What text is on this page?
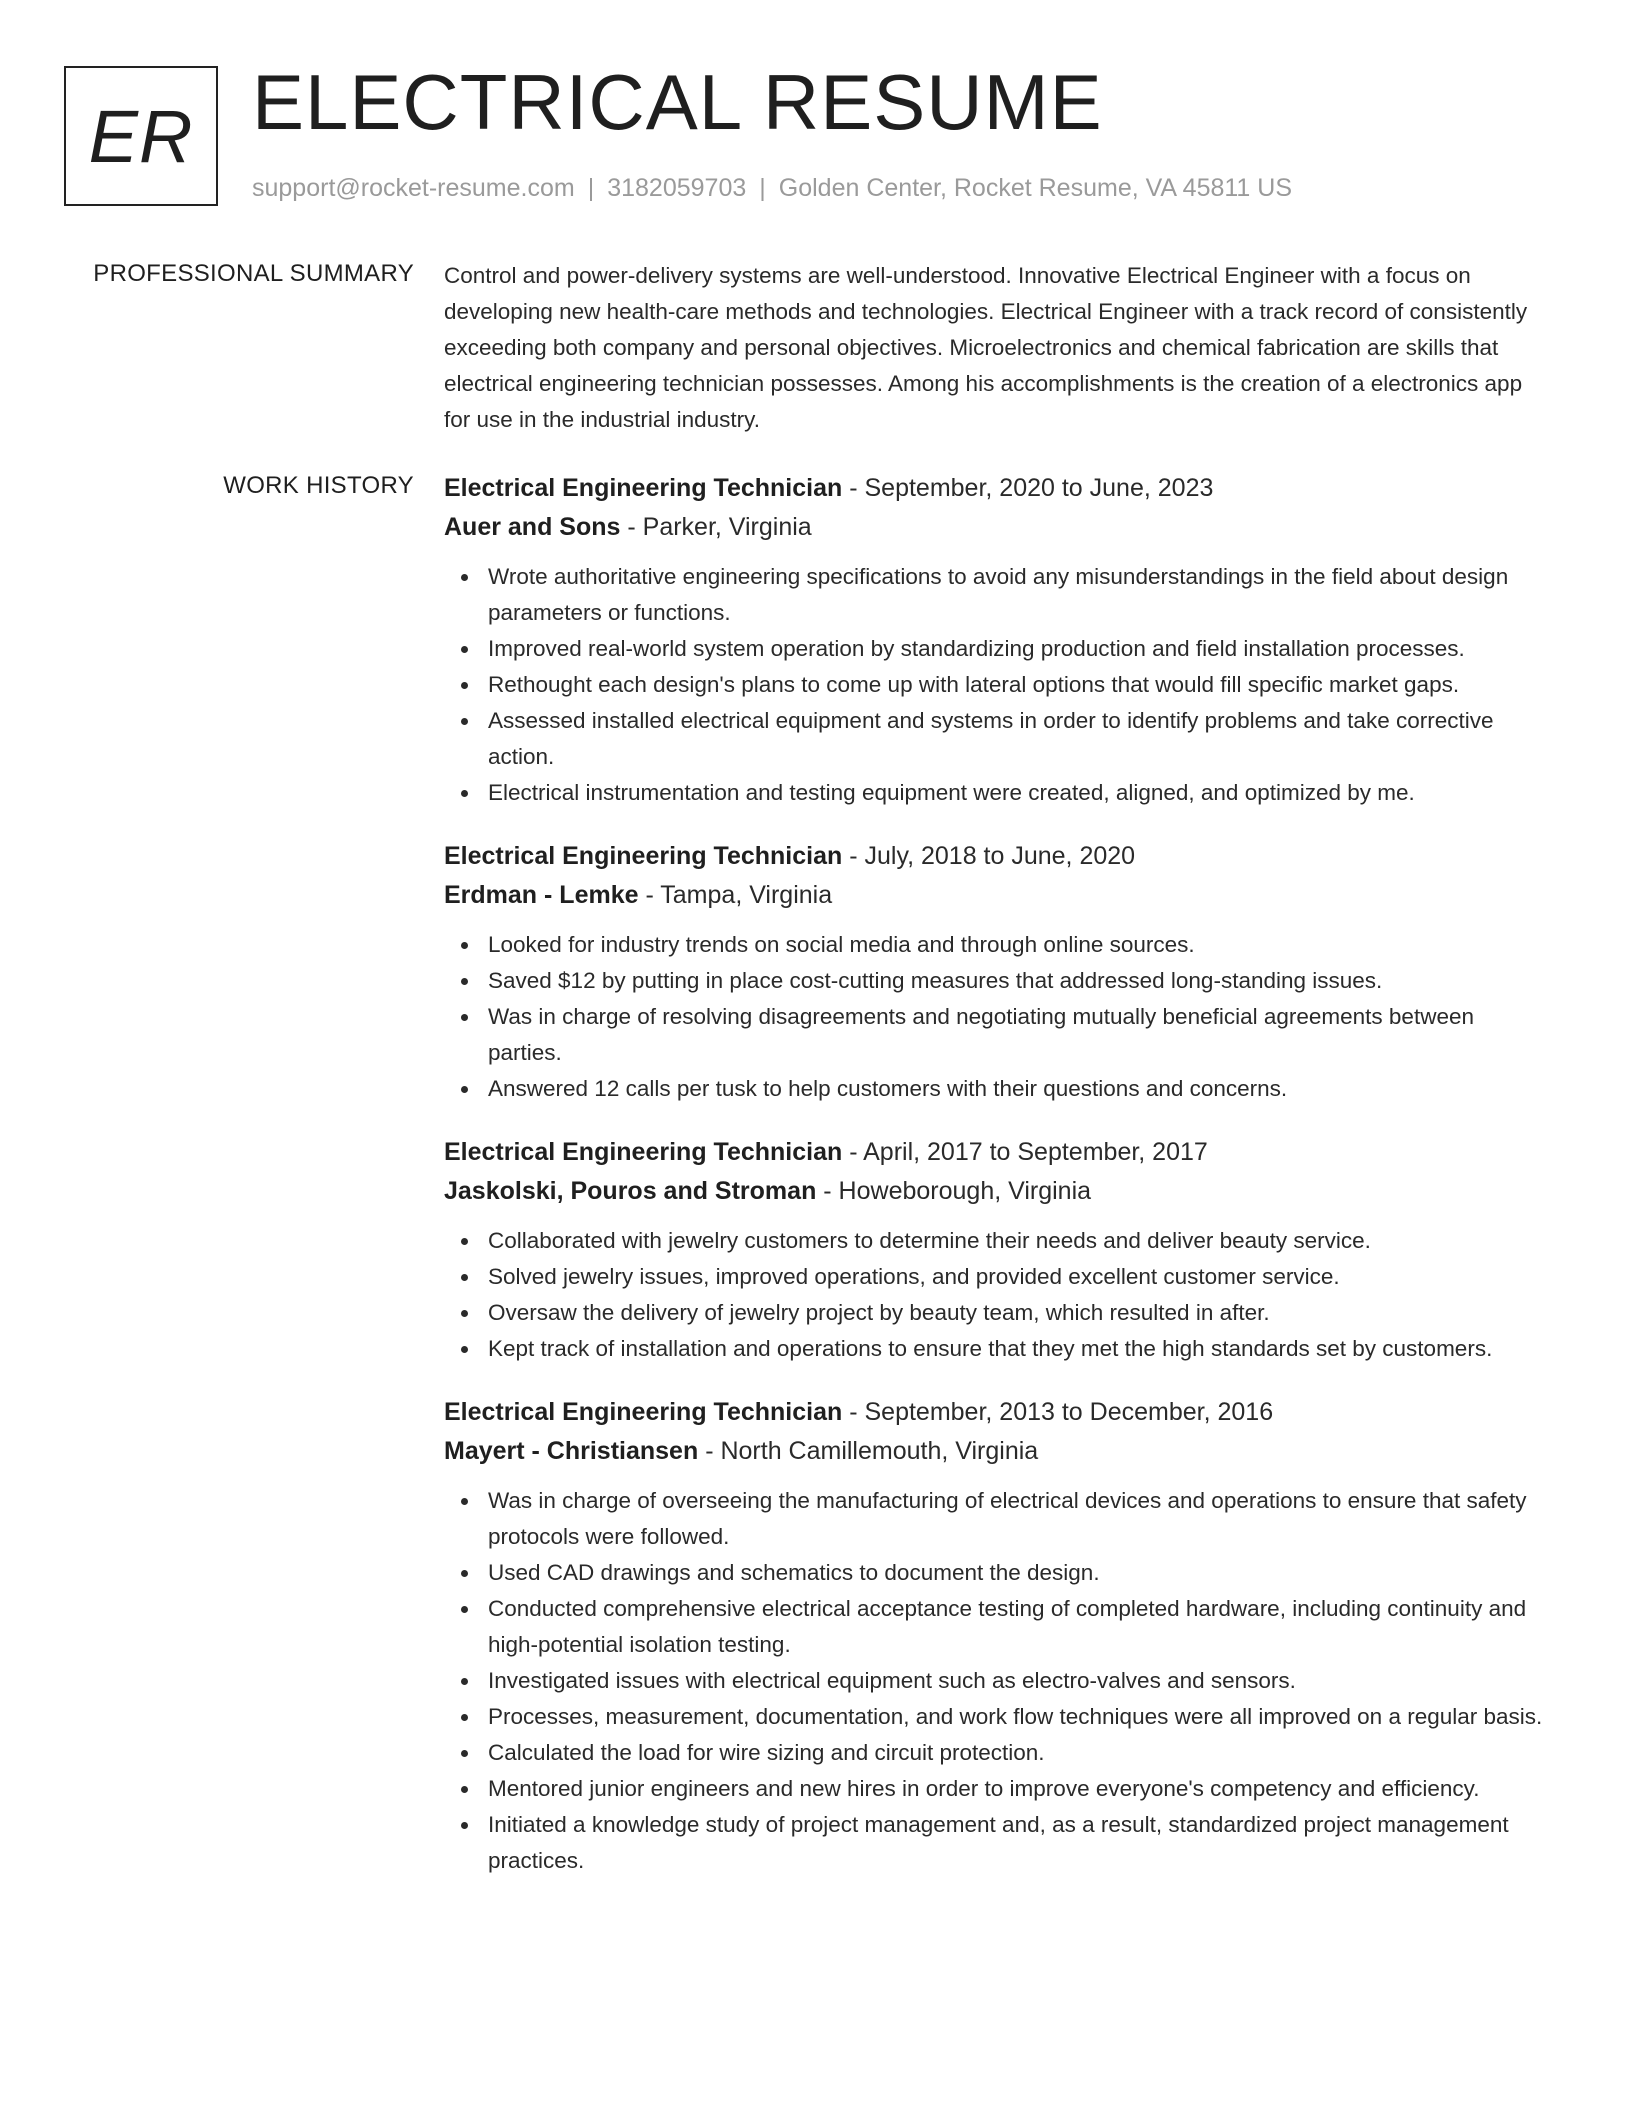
ER ELECTRICAL RESUME
support@rocket-resume.com | 3182059703 | Golden Center, Rocket Resume, VA 45811 US
PROFESSIONAL SUMMARY Control and power-delivery systems are well-understood. Innovative Electrical Engineer with a focus on developing new health-care methods and technologies. Electrical Engineer with a track record of consistently exceeding both company and personal objectives. Microelectronics and chemical fabrication are skills that electrical engineering technician possesses. Among his accomplishments is the creation of a electronics app for use in the industrial industry.

WORK HISTORY Electrical Engineering Technician - September, 2020 to June, 2023
Auer and Sons - Parker, Virginia
Wrote authoritative engineering specifications to avoid any misunderstandings in the field about design parameters or functions.
Improved real-world system operation by standardizing production and field installation processes.
Rethought each design's plans to come up with lateral options that would fill specific market gaps.
Assessed installed electrical equipment and systems in order to identify problems and take corrective action.
Electrical instrumentation and testing equipment were created, aligned, and optimized by me.
Electrical Engineering Technician - July, 2018 to June, 2020
Erdman - Lemke - Tampa, Virginia
Looked for industry trends on social media and through online sources.
Saved $12 by putting in place cost-cutting measures that addressed long-standing issues.
Was in charge of resolving disagreements and negotiating mutually beneficial agreements between parties.
Answered 12 calls per tusk to help customers with their questions and concerns.
Electrical Engineering Technician - April, 2017 to September, 2017
Jaskolski, Pouros and Stroman - Howeborough, Virginia
Collaborated with jewelry customers to determine their needs and deliver beauty service.
Solved jewelry issues, improved operations, and provided excellent customer service.
Oversaw the delivery of jewelry project by beauty team, which resulted in after.
Kept track of installation and operations to ensure that they met the high standards set by customers.
Electrical Engineering Technician - September, 2013 to December, 2016
Mayert - Christiansen - North Camillemouth, Virginia
Was in charge of overseeing the manufacturing of electrical devices and operations to ensure that safety protocols were followed.
Used CAD drawings and schematics to document the design.
Conducted comprehensive electrical acceptance testing of completed hardware, including continuity and high-potential isolation testing.
Investigated issues with electrical equipment such as electro-valves and sensors.
Processes, measurement, documentation, and work flow techniques were all improved on a regular basis.
Calculated the load for wire sizing and circuit protection.
Mentored junior engineers and new hires in order to improve everyone's competency and efficiency.
Initiated a knowledge study of project management and, as a result, standardized project management practices.
